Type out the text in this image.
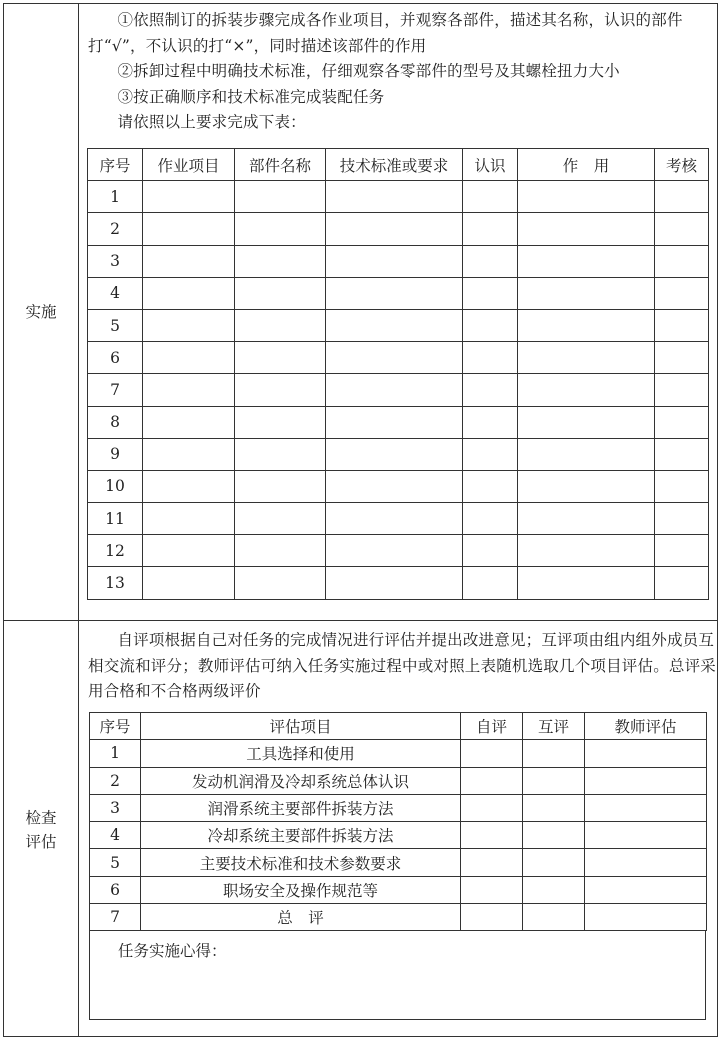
实施
检查
评估

①依照制订的拆装步骤完成各作业项目，并观察各部件，描述其名称，认识的部件打“√”，不认识的打“×”，同时描述该部件的作用

②拆卸过程中明确技术标准，仔细观察各零部件的型号及其螺栓扭力大小

③按正确顺序和技术标准完成装配任务

请依照以上要求完成下表：

自评项根据自己对任务的完成情况进行评估并提出改进意见；互评项由组内组外成员互相交流和评分；教师评估可纳入任务实施过程中或对照上表随机选取几个项目评估。总评采用合格和不合格两级评价

序号	作业项目	部件名称	技术标准或要求	认识	作　用	考核
1						
2						
3						
4						
5						
6						
7						
8						
9						
10						
11						
12						
13						
序号	评估项目	自评	互评	教师评估
1	工具选择和使用			
2	发动机润滑及冷却系统总体认识			
3	润滑系统主要部件拆装方法			
4	冷却系统主要部件拆装方法			
5	主要技术标准和技术参数要求			
6	职场安全及操作规范等			
7	总　评			
任务实施心得：
